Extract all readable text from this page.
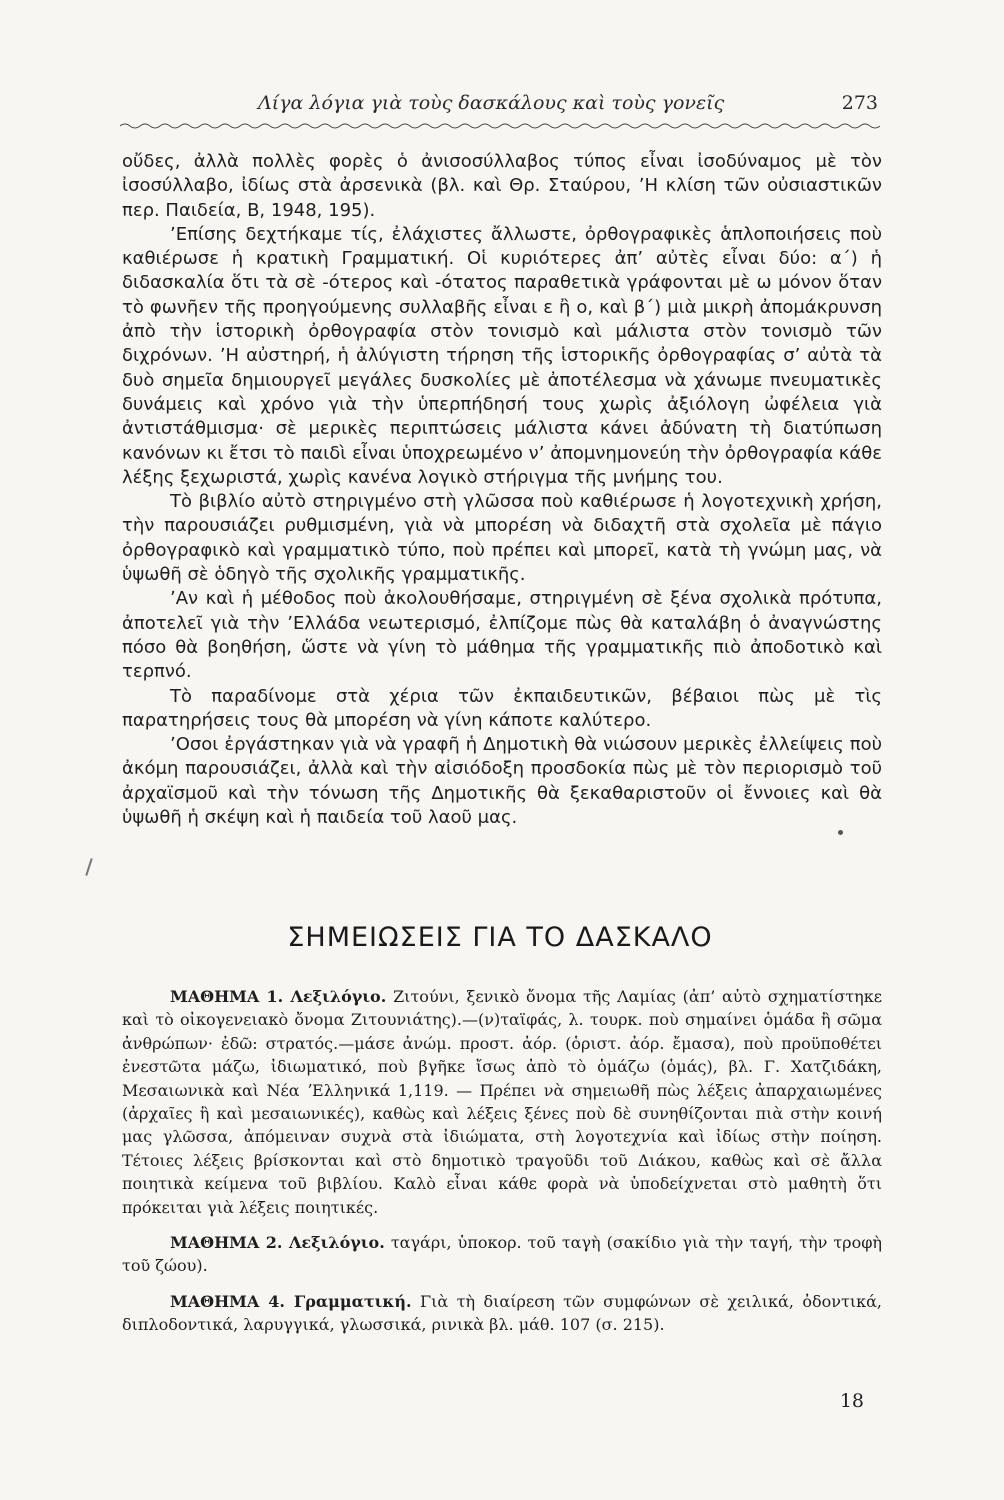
Λίγα λόγια γιὰ τοὺς δασκάλους καὶ τοὺς γονεῖς	273

οὔδες, ἀλλὰ πολλὲς φορὲς ὁ ἀνισοσύλλαβος τύπος εἶναι ἰσοδύναμος μὲ τὸν ἰσοσύλλαβο, ἰδίως στὰ ἀρσενικὰ (βλ. καὶ Θρ. Σταύρου, ʼΗ κλίση τῶν οὐσιαστικῶν περ. Παιδεία, Β, 1948, 195).

ʼΕπίσης δεχτήκαμε τίς, ἐλάχιστες ἄλλωστε, ὀρθογραφικὲς ἁπλοποιήσεις ποὺ καθιέρωσε ἡ κρατικὴ Γραμματική. Οἱ κυριότερες ἀπ’ αὐτὲς εἶναι δύο: α΄) ἡ διδασκαλία ὅτι τὰ σὲ -ότερος καὶ -ότατος παραθετικὰ γράφονται μὲ ω μόνον ὅταν τὸ φωνῆεν τῆς προηγούμενης συλλαβῆς εἶναι ε ἢ ο, καὶ β΄) μιὰ μικρὴ ἀπομάκρυνση ἀπὸ τὴν ἱστορικὴ ὀρθογραφία στὸν τονισμὸ καὶ μάλιστα στὸν τονισμὸ τῶν διχρόνων. ʼΗ αὐστηρή, ἡ ἀλύγιστη τήρηση τῆς ἱστορικῆς ὀρθογραφίας σ’ αὐτὰ τὰ δυὸ σημεῖα δημιουργεῖ μεγάλες δυσκολίες μὲ ἀποτέλεσμα νὰ χάνωμε πνευματικὲς δυνάμεις καὶ χρόνο γιὰ τὴν ὑπερπήδησή τους χωρὶς ἀξιόλογη ὠφέλεια γιὰ ἀντιστάθμισμα· σὲ μερικὲς περιπτώσεις μάλιστα κάνει ἀδύνατη τὴ διατύπωση κανόνων κι ἔτσι τὸ παιδὶ εἶναι ὑποχρεωμένο ν’ ἀπομνημονεύη τὴν ὀρθογραφία κάθε λέξης ξεχωριστά, χωρὶς κανένα λογικὸ στήριγμα τῆς μνήμης του.

Τὸ βιβλίο αὐτὸ στηριγμένο στὴ γλῶσσα ποὺ καθιέρωσε ἡ λογοτεχνικὴ χρήση, τὴν παρουσιάζει ρυθμισμένη, γιὰ νὰ μπορέση νὰ διδαχτῆ στὰ σχολεῖα μὲ πάγιο ὀρθογραφικὸ καὶ γραμματικὸ τύπο, ποὺ πρέπει καὶ μπορεῖ, κατὰ τὴ γνώμη μας, νὰ ὑψωθῆ σὲ ὁδηγὸ τῆς σχολικῆς γραμματικῆς.

ʼΑν καὶ ἡ μέθοδος ποὺ ἀκολουθήσαμε, στηριγμένη σὲ ξένα σχολικὰ πρότυπα, ἀποτελεῖ γιὰ τὴν ʼΕλλάδα νεωτερισμό, ἐλπίζομε πὼς θὰ καταλάβη ὁ ἀναγνώστης πόσο θὰ βοηθήση, ὥστε νὰ γίνη τὸ μάθημα τῆς γραμματικῆς πιὸ ἀποδοτικὸ καὶ τερπνό.

Τὸ παραδίνομε στὰ χέρια τῶν ἐκπαιδευτικῶν, βέβαιοι πὼς μὲ τὶς παρατηρήσεις τους θὰ μπορέση νὰ γίνη κάποτε καλύτερο.

ʼΟσοι ἐργάστηκαν γιὰ νὰ γραφῆ ἡ Δημοτικὴ θὰ νιώσουν μερικὲς ἐλλείψεις ποὺ ἀκόμη παρουσιάζει, ἀλλὰ καὶ τὴν αἰσιόδοξη προσδοκία πὼς μὲ τὸν περιορισμὸ τοῦ ἀρχαϊσμοῦ καὶ τὴν τόνωση τῆς Δημοτικῆς θὰ ξεκαθαριστοῦν οἱ ἔννοιες καὶ θὰ ὑψωθῆ ἡ σκέψη καὶ ἡ παιδεία τοῦ λαοῦ μας.

ΣΗΜΕΙΩΣΕΙΣ ΓΙΑ ΤΟ ΔΑΣΚΑΛΟ

ΜΑΘΗΜΑ 1. Λεξιλόγιο. Ζιτούνι, ξενικὸ ὄνομα τῆς Λαμίας (ἀπ’ αὐτὸ σχηματίστηκε καὶ τὸ οἰκογενειακὸ ὄνομα Ζιτουνιάτης).—(ν)ταϊφάς, λ. τουρκ. ποὺ σημαίνει ὁμάδα ἢ σῶμα ἀνθρώπων· ἐδῶ: στρατός.—μάσε ἀνώμ. προστ. ἀόρ. (ὁριστ. ἀόρ. ἔμασα), ποὺ προϋποθέτει ἐνεστῶτα μάζω, ἰδιωματικό, ποὺ βγῆκε ἴσως ἀπὸ τὸ ὁμάζω (ὁμάς), βλ. Γ. Χατζιδάκη, Μεσαιωνικὰ καὶ Νέα ʼΕλληνικά 1,119. — Πρέπει νὰ σημειωθῆ πὼς λέξεις ἀπαρχαιωμένες (ἀρχαῖες ἢ καὶ μεσαιωνικές), καθὼς καὶ λέξεις ξένες ποὺ δὲ συνηθίζονται πιὰ στὴν κοινή μας γλῶσσα, ἀπόμειναν συχνὰ στὰ ἰδιώματα, στὴ λογοτεχνία καὶ ἰδίως στὴν ποίηση. Τέτοιες λέξεις βρίσκονται καὶ στὸ δημοτικὸ τραγοῦδι τοῦ Διάκου, καθὼς καὶ σὲ ἄλλα ποιητικὰ κείμενα τοῦ βιβλίου. Καλὸ εἶναι κάθε φορὰ νὰ ὑποδείχνεται στὸ μαθητὴ ὅτι πρόκειται γιὰ λέξεις ποιητικές.

ΜΑΘΗΜΑ 2. Λεξιλόγιο. ταγάρι, ὑποκορ. τοῦ ταγὴ (σακίδιο γιὰ τὴν ταγή, τὴν τροφὴ τοῦ ζώου).

ΜΑΘΗΜΑ 4. Γραμματική. Γιὰ τὴ διαίρεση τῶν συμφώνων σὲ χειλικά, ὀδοντικά, διπλοδοντικά, λαρυγγικά, γλωσσικά, ρινικὰ βλ. μάθ. 107 (σ. 215).

18
